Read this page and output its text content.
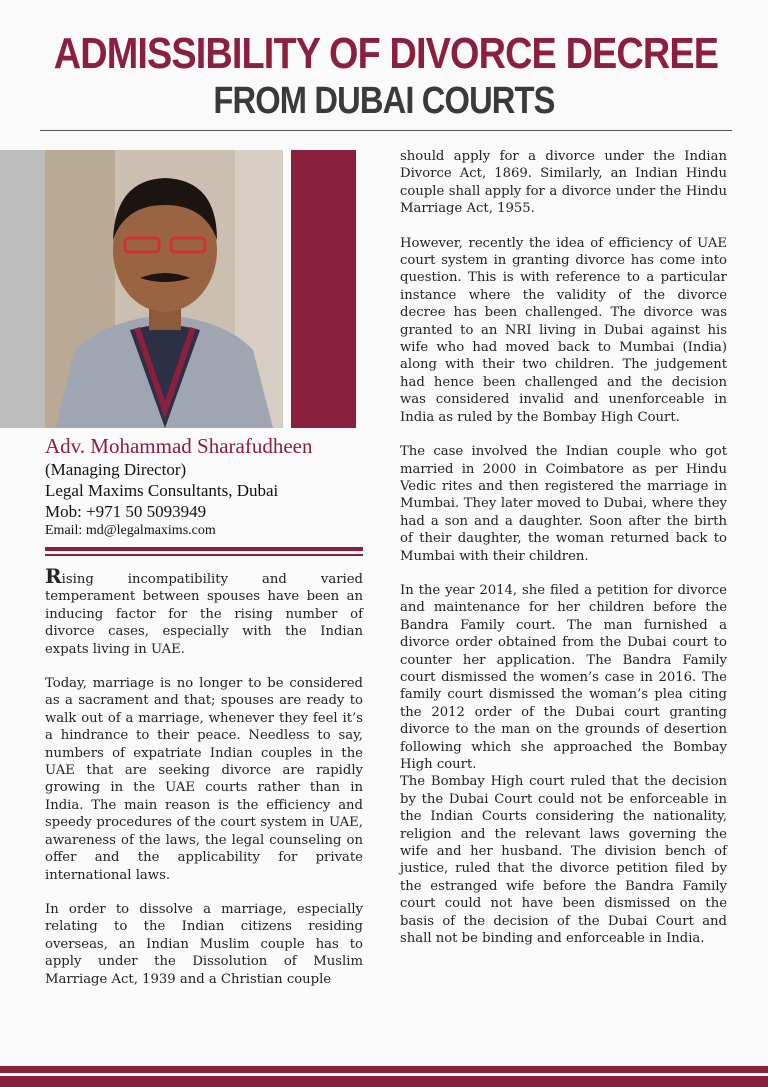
ADMISSIBILITY OF DIVORCE DECREE
FROM DUBAI COURTS
Adv. Mohammad Sharafudheen
(Managing Director)
Legal Maxims Consultants, Dubai
Mob: +971 50 5093949
Email: md@legalmaxims.com

Rising incompatibility and varied temperament between spouses have been an inducing factor for the rising number of divorce cases, especially with the Indian expats living in UAE.

Today, marriage is no longer to be considered as a sacrament and that; spouses are ready to walk out of a marriage, whenever they feel it’s a hindrance to their peace. Needless to say, numbers of expatriate Indian couples in the UAE that are seeking divorce are rapidly growing in the UAE courts rather than in India. The main reason is the efficiency and speedy procedures of the court system in UAE, awareness of the laws, the legal counseling on offer and the applicability for private international laws.

In order to dissolve a marriage, especially relating to the Indian citizens residing overseas, an Indian Muslim couple has to apply under the Dissolution of Muslim Marriage Act, 1939 and a Christian couple

should apply for a divorce under the Indian Divorce Act, 1869. Similarly, an Indian Hindu couple shall apply for a divorce under the Hindu Marriage Act, 1955.

However, recently the idea of efficiency of UAE court system in granting divorce has come into question. This is with reference to a particular instance where the validity of the divorce decree has been challenged. The divorce was granted to an NRI living in Dubai against his wife who had moved back to Mumbai (India) along with their two children. The judgement had hence been challenged and the decision was considered invalid and unenforceable in India as ruled by the Bombay High Court.

The case involved the Indian couple who got married in 2000 in Coimbatore as per Hindu Vedic rites and then registered the marriage in Mumbai. They later moved to Dubai, where they had a son and a daughter. Soon after the birth of their daughter, the woman returned back to Mumbai with their children.

In the year 2014, she filed a petition for divorce and maintenance for her children before the Bandra Family court. The man furnished a divorce order obtained from the Dubai court to counter her application. The Bandra Family court dismissed the women’s case in 2016. The family court dismissed the woman’s plea citing the 2012 order of the Dubai court granting divorce to the man on the grounds of desertion following which she approached the Bombay High court.

The Bombay High court ruled that the decision by the Dubai Court could not be enforceable in the Indian Courts considering the nationality, religion and the relevant laws governing the wife and her husband. The division bench of justice, ruled that the divorce petition filed by the estranged wife before the Bandra Family court could not have been dismissed on the basis of the decision of the Dubai Court and shall not be binding and enforceable in India.
